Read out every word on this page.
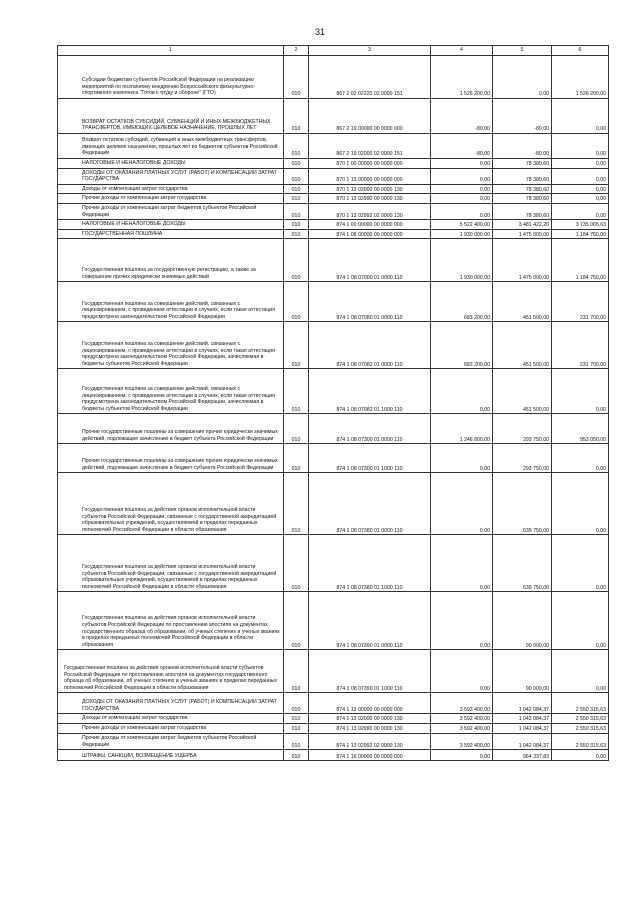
31
1	2	3	4	5	6
Субсидии бюджетам субъектов Российской Федерации на реализацию мероприятий по поэтапному внедрению Всероссийского физкультурно-спортивного комплекса "Готов к труду и обороне" (ГТО)	010	867 2 02 02220 02 0000 151	1 526 200,00	0,00	1 526 200,00
ВОЗВРАТ ОСТАТКОВ СУБСИДИЙ, СУБВЕНЦИЙ И ИНЫХ МЕЖБЮДЖЕТНЫХ ТРАНСФЕРТОВ, ИМЕЮЩИХ ЦЕЛЕВОЕ НАЗНАЧЕНИЕ, ПРОШЛЫХ ЛЕТ	010	867 2 19 00000 00 0000 000	-80,00	-80,00	0,00
Возврат остатков субсидий, субвенций и иных межбюджетных трансфертов, имеющих целевое назначение, прошлых лет из бюджетов субъектов Российской Федерации	010	867 2 19 02000 02 0000 151	-80,00	-80,00	0,00
НАЛОГОВЫЕ И НЕНАЛОГОВЫЕ ДОХОДЫ	010	870 1 00 00000 00 0000 000	0,00	78 380,60	0,00
ДОХОДЫ ОТ ОКАЗАНИЯ ПЛАТНЫХ УСЛУГ (РАБОТ) И КОМПЕНСАЦИИ ЗАТРАТ ГОСУДАРСТВА	010	870 1 13 00000 00 0000 000	0,00	78 380,60	0,00
Доходы от компенсации затрат государства	010	870 1 13 02000 00 0000 130	0,00	78 380,60	0,00
Прочие доходы от компенсации затрат государства	010	870 1 13 02990 00 0000 130	0,00	78 380,60	0,00
Прочие доходы от компенсации затрат бюджетов субъектов Российской Федерации	010	870 1 13 02992 02 0000 130	0,00	78 380,60	0,00
НАЛОГОВЫЕ И НЕНАЛОГОВЫЕ ДОХОДЫ	010	874 1 00 00000 00 0000 000	5 522 400,00	3 481 422,20	3 735 065,63
ГОСУДАРСТВЕННАЯ ПОШЛИНА	010	874 1 08 00000 00 0000 000	1 930 000,00	1 475 000,00	1 184 750,00
Государственная пошлина за государственную регистрацию, а также за совершение прочих юридически значимых действий	010	874 1 08 07000 01 0000 110	1 930 000,00	1 475 000,00	1 184 750,00
Государственная пошлина за совершение действий, связанных с лицензированием, с проведением аттестации в случаях, если такая аттестация предусмотрена законодательством Российской Федерации	010	874 1 08 07080 01 0000 110	683 200,00	451 500,00	231 700,00
Государственная пошлина за совершение действий, связанных с лицензированием, с проведением аттестации в случаях, если такая аттестация предусмотрена законодательством Российской Федерации, зачисляемая в бюджеты субъектов Российской Федерации	010	874 1 08 07082 01 0000 110	683 200,00	451 500,00	231 700,00
Государственная пошлина за совершение действий, связанных с лицензированием, с проведением аттестации в случаях, если такая аттестация предусмотрена законодательством Российской Федерации, зачисляемая в бюджеты субъектов Российской Федерации	010	874 1 08 07082 01 1000 110	0,00	451 500,00	0,00
Прочие государственные пошлины за совершение прочих юридически значимых действий, подлежащие зачислению в бюджет субъекта Российской Федерации	010	874 1 08 07300 01 0000 110	1 246 800,00	293 750,00	953 050,00
Прочие государственные пошлины за совершение прочих юридически значимых действий, подлежащие зачислению в бюджет субъекта Российской Федерации	010	874 1 08 07300 01 1000 110	0,00	293 750,00	0,00
Государственная пошлина за действия органов исполнительной власти субъектов Российской Федерации, связанные с государственной аккредитацией образовательных учреждений, осуществляемой в пределах переданных полномочий Российской Федерации в области образования	010	874 1 08 07380 01 0000 110	0,00	639 750,00	0,00
Государственная пошлина за действия органов исполнительной власти субъектов Российской Федерации, связанные с государственной аккредитацией образовательных учреждений, осуществляемой в пределах переданных полномочий Российской Федерации в области образования	010	874 1 08 07380 01 1000 110	0,00	639 750,00	0,00
Государственная пошлина за действия органов исполнительной власти субъектов Российской Федерации по проставлению апостиля на документах государственного образца об образовании, об ученых степенях и ученых званиях в пределах переданных полномочий Российской Федерации в области образования	010	874 1 08 07390 01 0000 110	0,00	90 000,00	0,00
Государственная пошлина за действия органов исполнительной власти субъектов Российской Федерации по проставлению апостиля на документах государственного образца об образовании, об ученых степенях и ученых званиях в пределах переданных полномочий Российской Федерации в области образования	010	874 1 08 07390 01 1000 110	0,00	90 000,00	0,00
ДОХОДЫ ОТ ОКАЗАНИЯ ПЛАТНЫХ УСЛУГ (РАБОТ) И КОМПЕНСАЦИИ ЗАТРАТ ГОСУДАРСТВА	010	874 1 13 00000 00 0000 000	3 592 400,00	1 042 084,37	2 550 315,63
Доходы от компенсации затрат государства	010	874 1 13 02000 00 0000 130	3 592 400,00	1 042 084,37	2 550 315,63
Прочие доходы от компенсации затрат государства	010	874 1 13 02990 00 0000 130	3 592 400,00	1 042 084,37	2 550 315,63
Прочие доходы от компенсации затрат бюджетов субъектов Российской Федерации	010	874 1 13 02992 02 0000 130	3 592 400,00	1 042 084,37	2 550 315,63
ШТРАФЫ, САНКЦИИ, ВОЗМЕЩЕНИЕ УЩЕРБА	010	874 1 16 00000 00 0000 000	0,00	964 337,83	0,00
